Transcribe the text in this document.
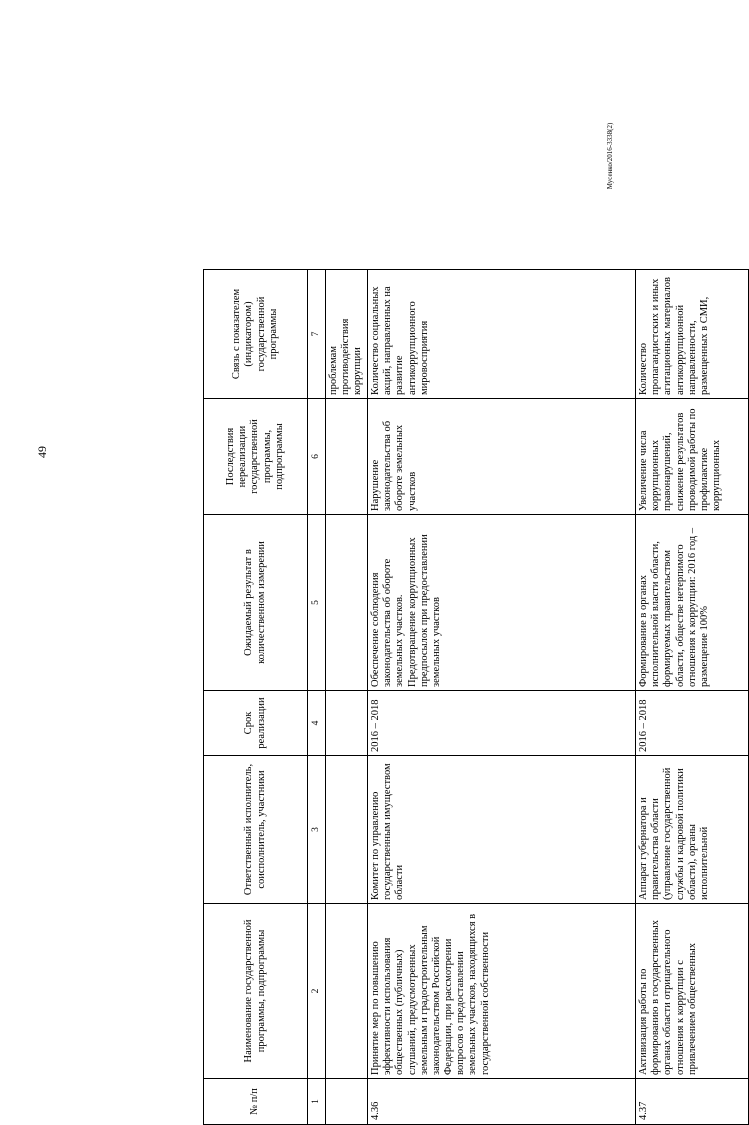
49
Мусенко/2016-3338(2)
№ п/п	Наименование государственной программы, подпрограммы	Ответственный исполнитель, соисполнитель, участники	Срок реализации	Ожидаемый результат в количественном измерении	Последствия нереализации государственной программы, подпрограммы	Связь с показателем (индикатором) государственной программы
1	2	3	4	5	6	7
						проблемам противодействия коррупции
4.36	Принятие мер по повышению эффективности использования общественных (публичных) слушаний, предусмотренных земельным и градостроительным законодательством Российской Федерации, при рассмотрении вопросов о предоставлении земельных участков, находящихся в государственной собственности	Комитет по управлению государственным имуществом области	2016 – 2018	Обеспечение соблюдения законодательства об обороте земельных участков. Предотвращение коррупционных предпосылок при предоставлении земельных участков	Нарушение законодательства об обороте земельных участков	Количество социальных акций, направленных на развитие антикоррупционного мировосприятия
4.37	Активизация работы по формированию в государственных органах области отрицательного отношения к коррупции с привлечением общественных	Аппарат губернатора и правительства области (управление государственной службы и кадровой политики области), органы исполнительной	2016 – 2018	Формирование в органах исполнительной власти области, формируемых правительством области, обществе нетерпимого отношения к коррупции: 2016 год – размещение 100%	Увеличение числа коррупционных правонарушений, снижение результатов проводимой работы по профилактике коррупционных	Количество пропагандистских и иных агитационных материалов антикоррупционной направленности, размещенных в СМИ,
